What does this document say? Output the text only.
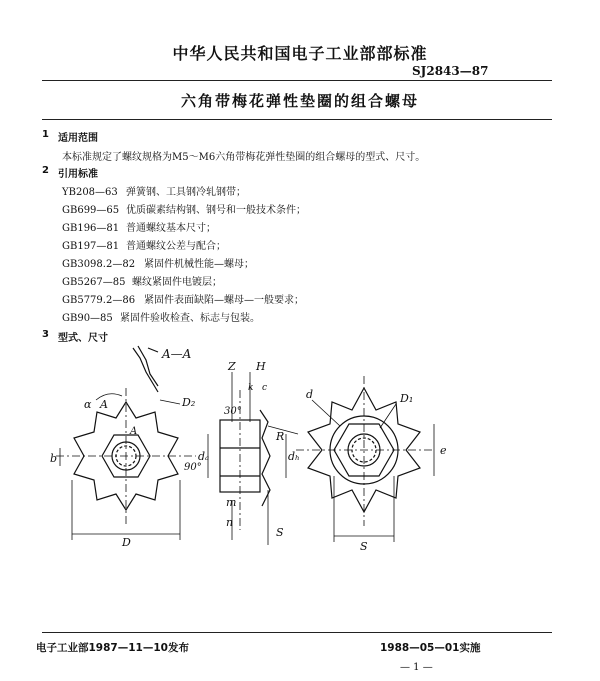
中华人民共和国电子工业部部标准
SJ2843—87
六角带梅花弹性垫圈的组合螺母
1 适用范围
本标准规定了螺纹规格为M5～M6六角带梅花弹性垫圈的组合螺母的型式、尺寸。
2 引用标准
YB208—63 弹簧钢、工具钢冷轧钢带；
GB699—65 优质碳素结构钢、钢号和一般技术条件；
GB196—81 普通螺纹基本尺寸；
GB197—81 普通螺纹公差与配合；
GB3098.2—82 紧固件机械性能—螺母；
GB5267—85 螺纹紧固件电镀层；
GB5779.2—86 紧固件表面缺陷—螺母—一般要求；
GB90—85 紧固件验收检查、标志与包装。
3 型式、尺寸
A—A
α A
A
D₂
b
D
Z H
k c
30°
90°
R
dₐ	dₕ
m
n
S
d	D₁
e
S
电子工业部1987—11—10发布	1988—05—01实施
— 1 —
